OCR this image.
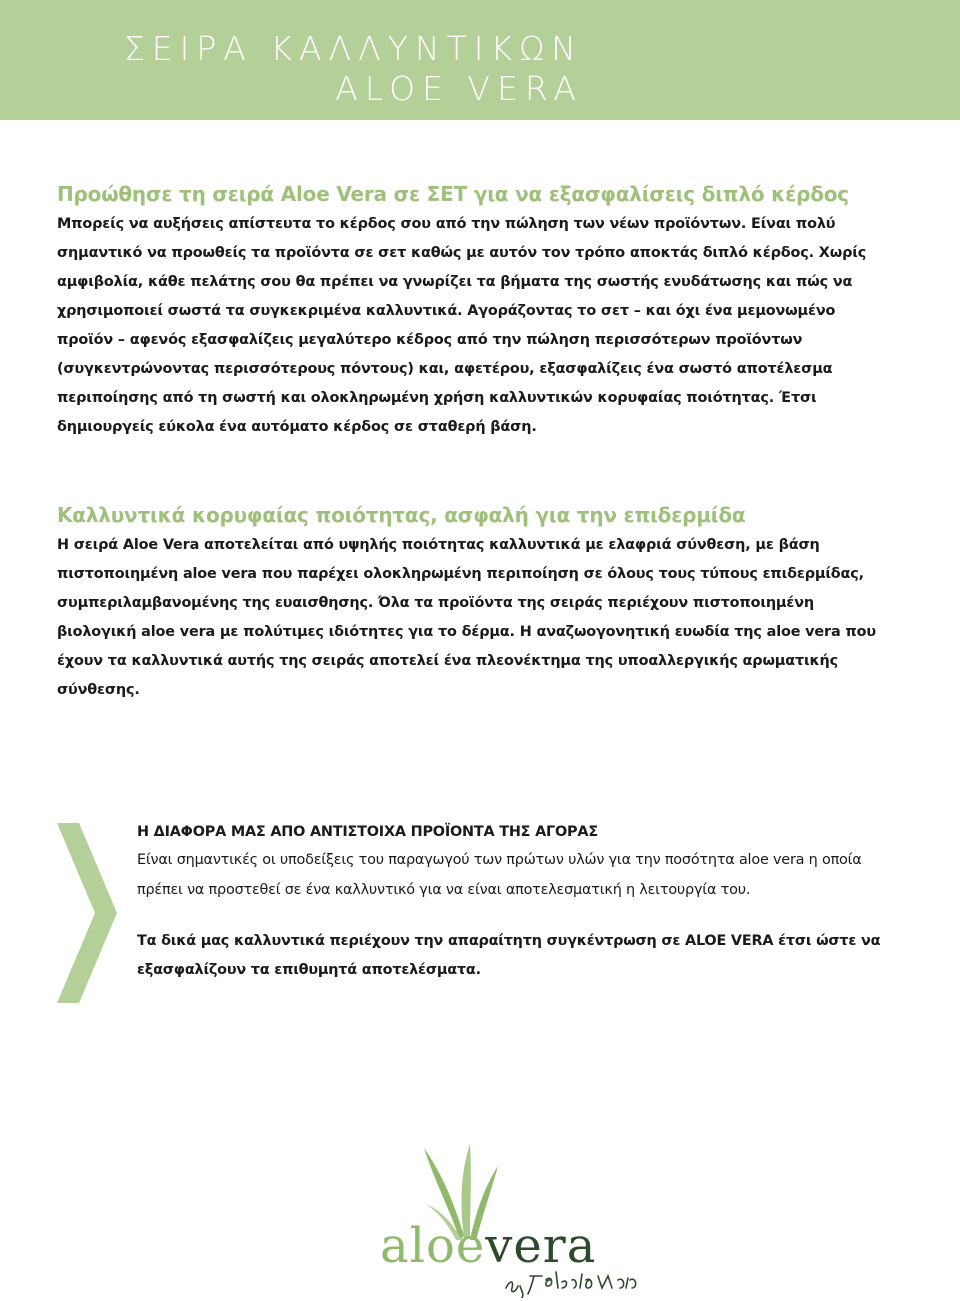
ΣΕΙΡΑ ΚΑΛΛΥΝΤΙΚΩΝ
ALOE VERA
Προώθησε τη σειρά Aloe Vera σε ΣΕΤ για να εξασφαλίσεις διπλό κέρδος

Μπορείς να αυξήσεις απίστευτα το κέρδος σου από την πώληση των νέων προϊόντων. Είναι πολύ σημαντικό να προωθείς τα προϊόντα σε σετ καθώς με αυτόν τον τρόπο αποκτάς διπλό κέρδος. Χωρίς αμφιβολία, κάθε πελάτης σου θα πρέπει να γνωρίζει τα βήματα της σωστής ενυδάτωσης και πώς να χρησιμοποιεί σωστά τα συγκεκριμένα καλλυντικά. Αγοράζοντας το σετ – και όχι ένα μεμονωμένο προϊόν – αφενός εξασφαλίζεις μεγαλύτερο κέδρος από την πώληση περισσότερων προϊόντων (συγκεντρώνοντας περισσότερους πόντους) και, αφετέρου, εξασφαλίζεις ένα σωστό αποτέλεσμα περιποίησης από τη σωστή και ολοκληρωμένη χρήση καλλυντικών κορυφαίας ποιότητας. Έτσι δημιουργείς εύκολα ένα αυτόματο κέρδος σε σταθερή βάση.

Καλλυντικά κορυφαίας ποιότητας, ασφαλή για την επιδερμίδα

Η σειρά Aloe Vera αποτελείται από υψηλής ποιότητας καλλυντικά με ελαφριά σύνθεση, με βάση πιστοποιημένη aloe vera που παρέχει ολοκληρωμένη περιποίηση σε όλους τους τύπους επιδερμίδας, συμπεριλαμβανομένης της ευαισθησης. Όλα τα προϊόντα της σειράς περιέχουν πιστοποιημένη βιολογική aloe vera με πολύτιμες ιδιότητες για το δέρμα. Η αναζωογονητική ευωδία της aloe vera που έχουν τα καλλυντικά αυτής της σειράς αποτελεί ένα πλεονέκτημα της υποαλλεργικής αρωματικής σύνθεσης.

Η ΔΙΑΦΟΡΑ ΜΑΣ ΑΠΟ ΑΝΤΙΣΤΟΙΧΑ ΠΡΟΪΟΝΤΑ ΤΗΣ ΑΓΟΡΑΣ

Είναι σημαντικές οι υποδείξεις του παραγωγού των πρώτων υλών για την ποσότητα aloe vera η οποία πρέπει να προστεθεί σε ένα καλλυντικό για να είναι αποτελεσματική η λειτουργία του.

Τα δικά μας καλλυντικά περιέχουν την απαραίτητη συγκέντρωση σε ALOE VERA έτσι ώστε να εξασφαλίζουν τα επιθυμητά αποτελέσματα.

aloevera
